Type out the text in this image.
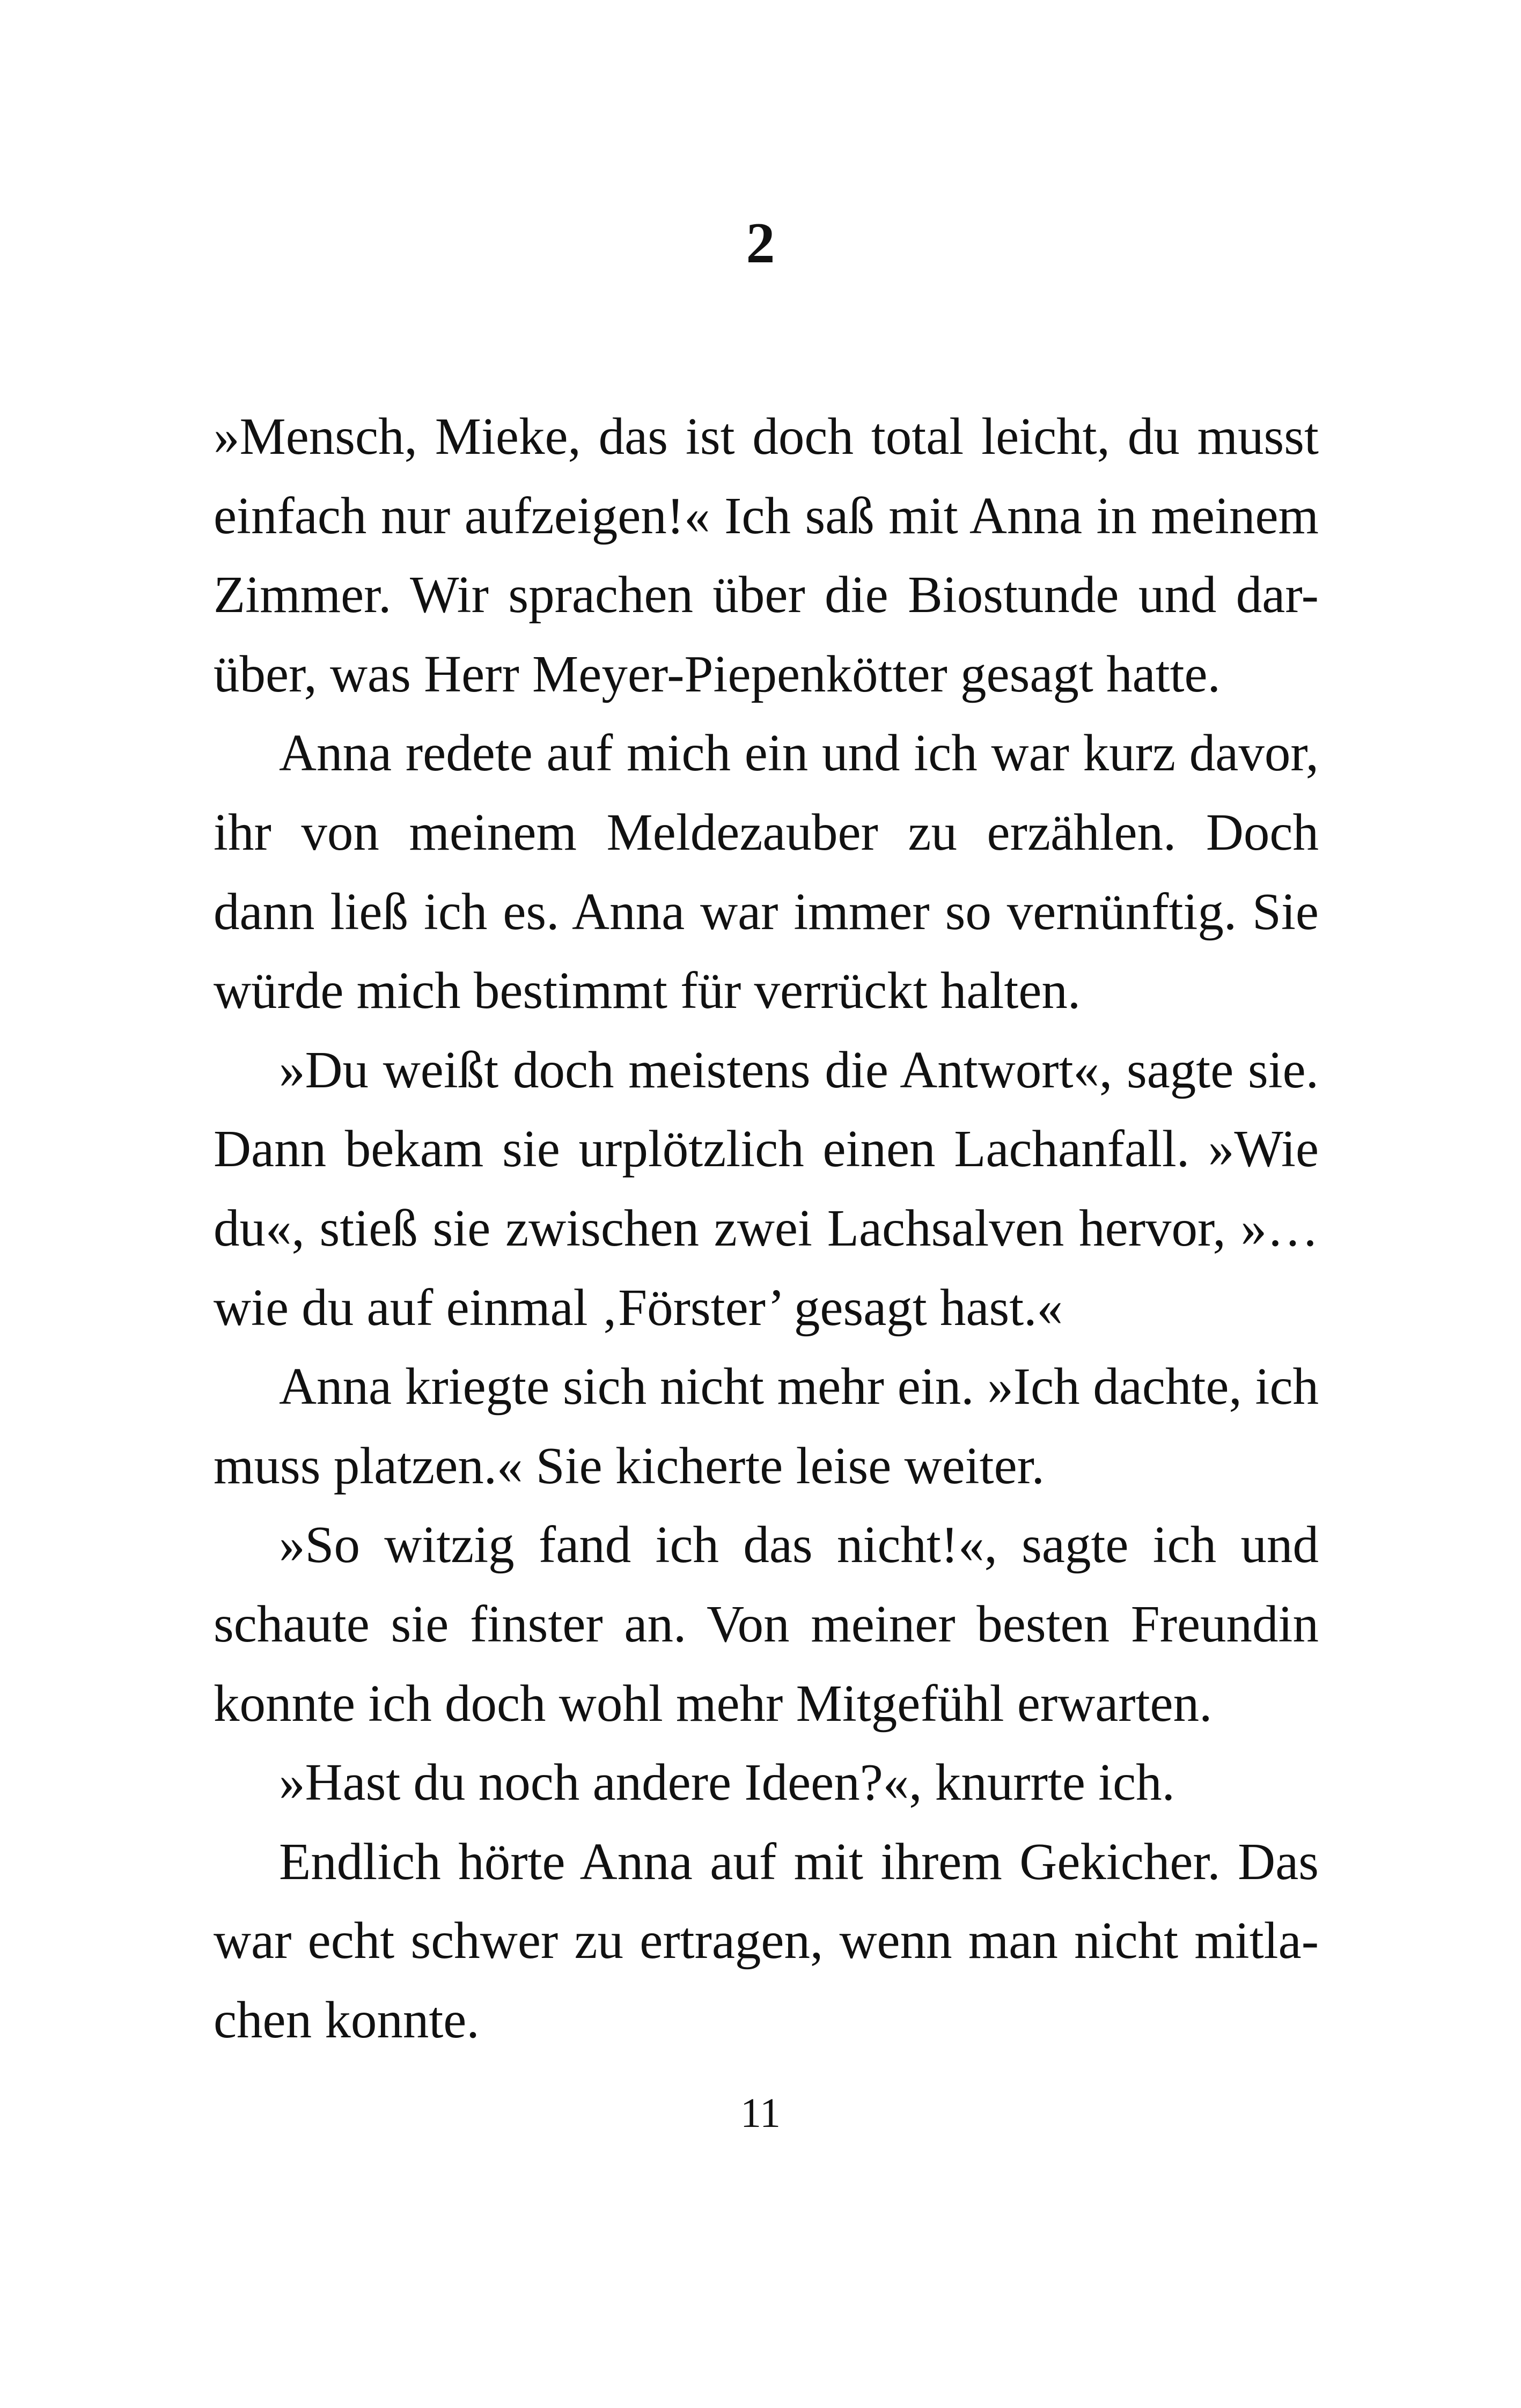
2
»Mensch, Mieke, das ist doch total leicht, du musst
einfach nur aufzeigen!« Ich saß mit Anna in meinem
Zimmer. Wir sprachen über die Biostunde und dar-
über, was Herr Meyer-Piepenkötter gesagt hatte.
Anna redete auf mich ein und ich war kurz davor,
ihr von meinem Meldezauber zu erzählen. Doch
dann ließ ich es. Anna war immer so vernünftig. Sie
würde mich bestimmt für verrückt halten.
»Du weißt doch meistens die Antwort«, sagte sie.
Dann bekam sie urplötzlich einen Lachanfall. »Wie
du«, stieß sie zwischen zwei Lachsalven hervor, »…
wie du auf einmal ‚Förster’ gesagt hast.«
Anna kriegte sich nicht mehr ein. »Ich dachte, ich
muss platzen.« Sie kicherte leise weiter.
»So witzig fand ich das nicht!«, sagte ich und
schaute sie finster an. Von meiner besten Freundin
konnte ich doch wohl mehr Mitgefühl erwarten.
»Hast du noch andere Ideen?«, knurrte ich.
Endlich hörte Anna auf mit ihrem Gekicher. Das
war echt schwer zu ertragen, wenn man nicht mitla-
chen konnte.
11
